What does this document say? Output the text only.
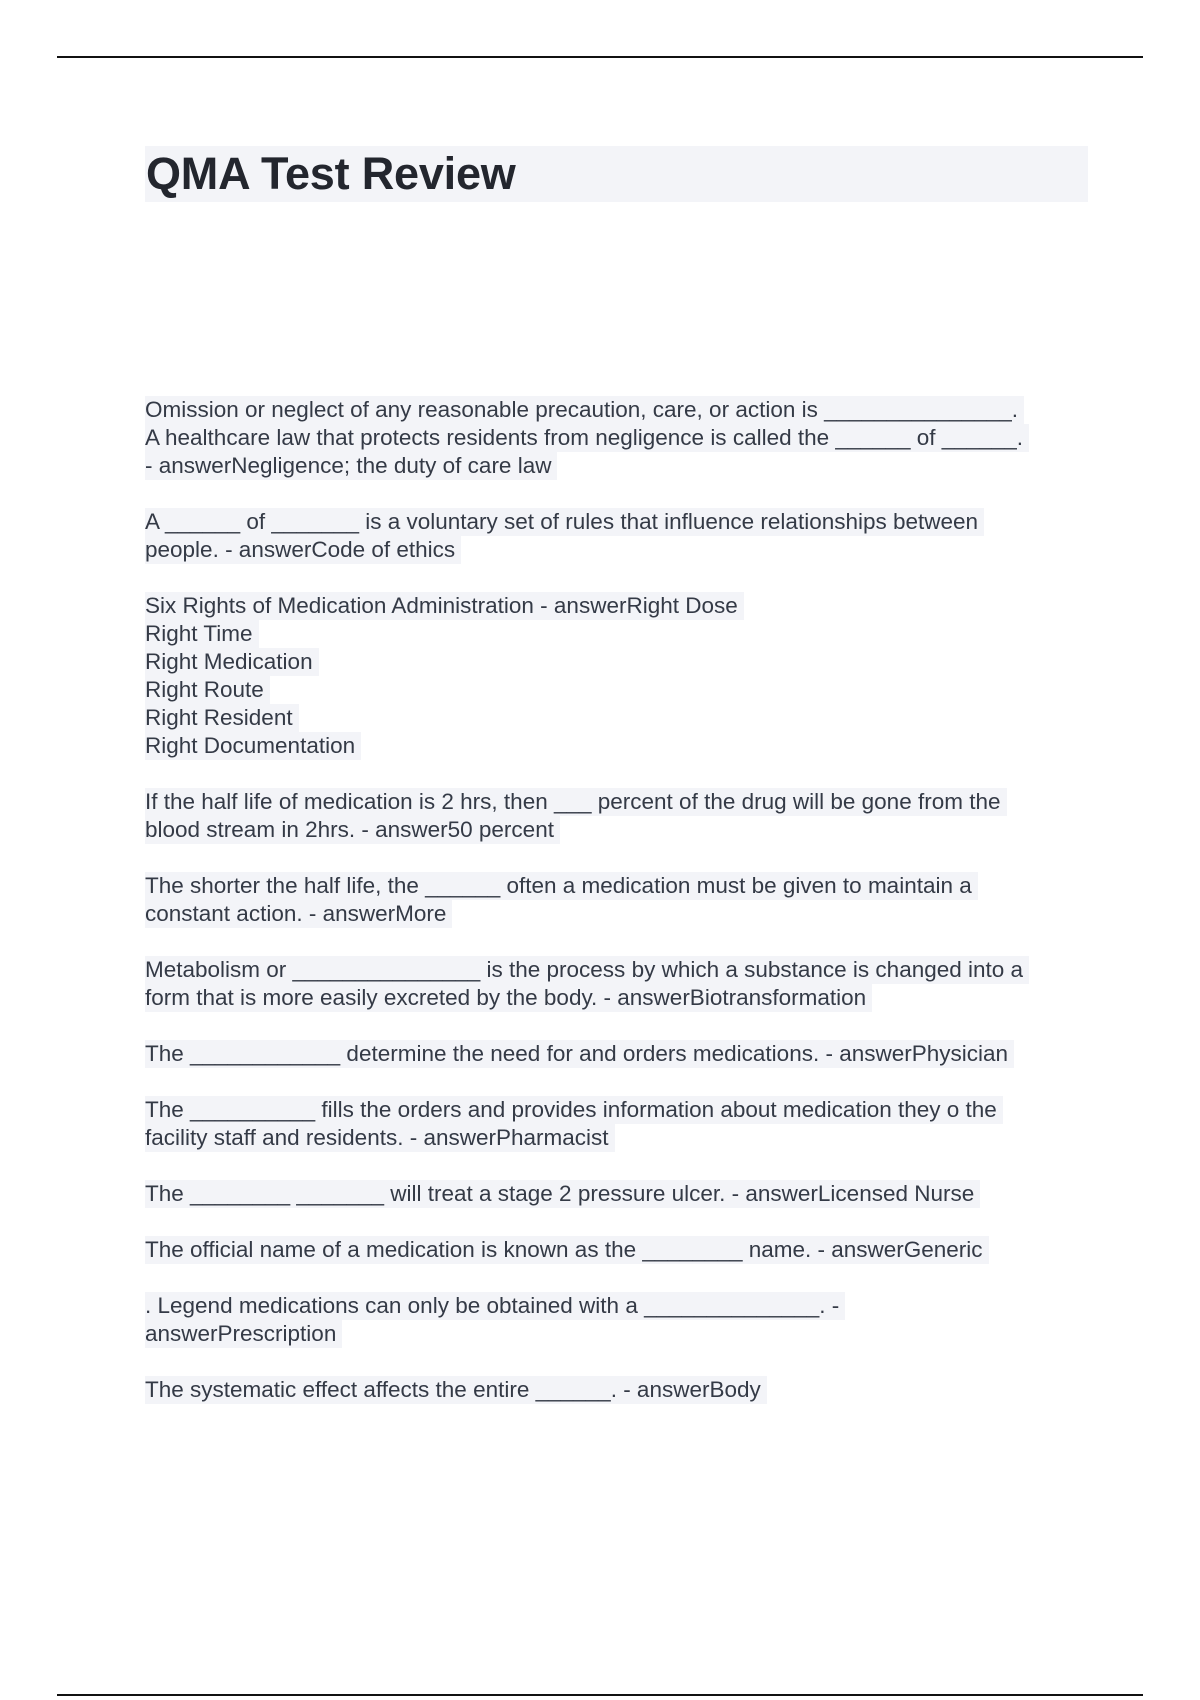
QMA Test Review
Omission or neglect of any reasonable precaution, care, or action is _______________.
A healthcare law that protects residents from negligence is called the ______ of ______.
- answerNegligence; the duty of care law
A ______ of _______ is a voluntary set of rules that influence relationships between
people. - answerCode of ethics
Six Rights of Medication Administration - answerRight Dose
Right Time
Right Medication
Right Route
Right Resident
Right Documentation
If the half life of medication is 2 hrs, then ___ percent of the drug will be gone from the
blood stream in 2hrs. - answer50 percent
The shorter the half life, the ______ often a medication must be given to maintain a
constant action. - answerMore
Metabolism or _______________ is the process by which a substance is changed into a
form that is more easily excreted by the body. - answerBiotransformation
The ____________ determine the need for and orders medications. - answerPhysician
The __________ fills the orders and provides information about medication they o the
facility staff and residents. - answerPharmacist
The ________ _______ will treat a stage 2 pressure ulcer. - answerLicensed Nurse
The official name of a medication is known as the ________ name. - answerGeneric
. Legend medications can only be obtained with a ______________. -
answerPrescription
The systematic effect affects the entire ______. - answerBody
